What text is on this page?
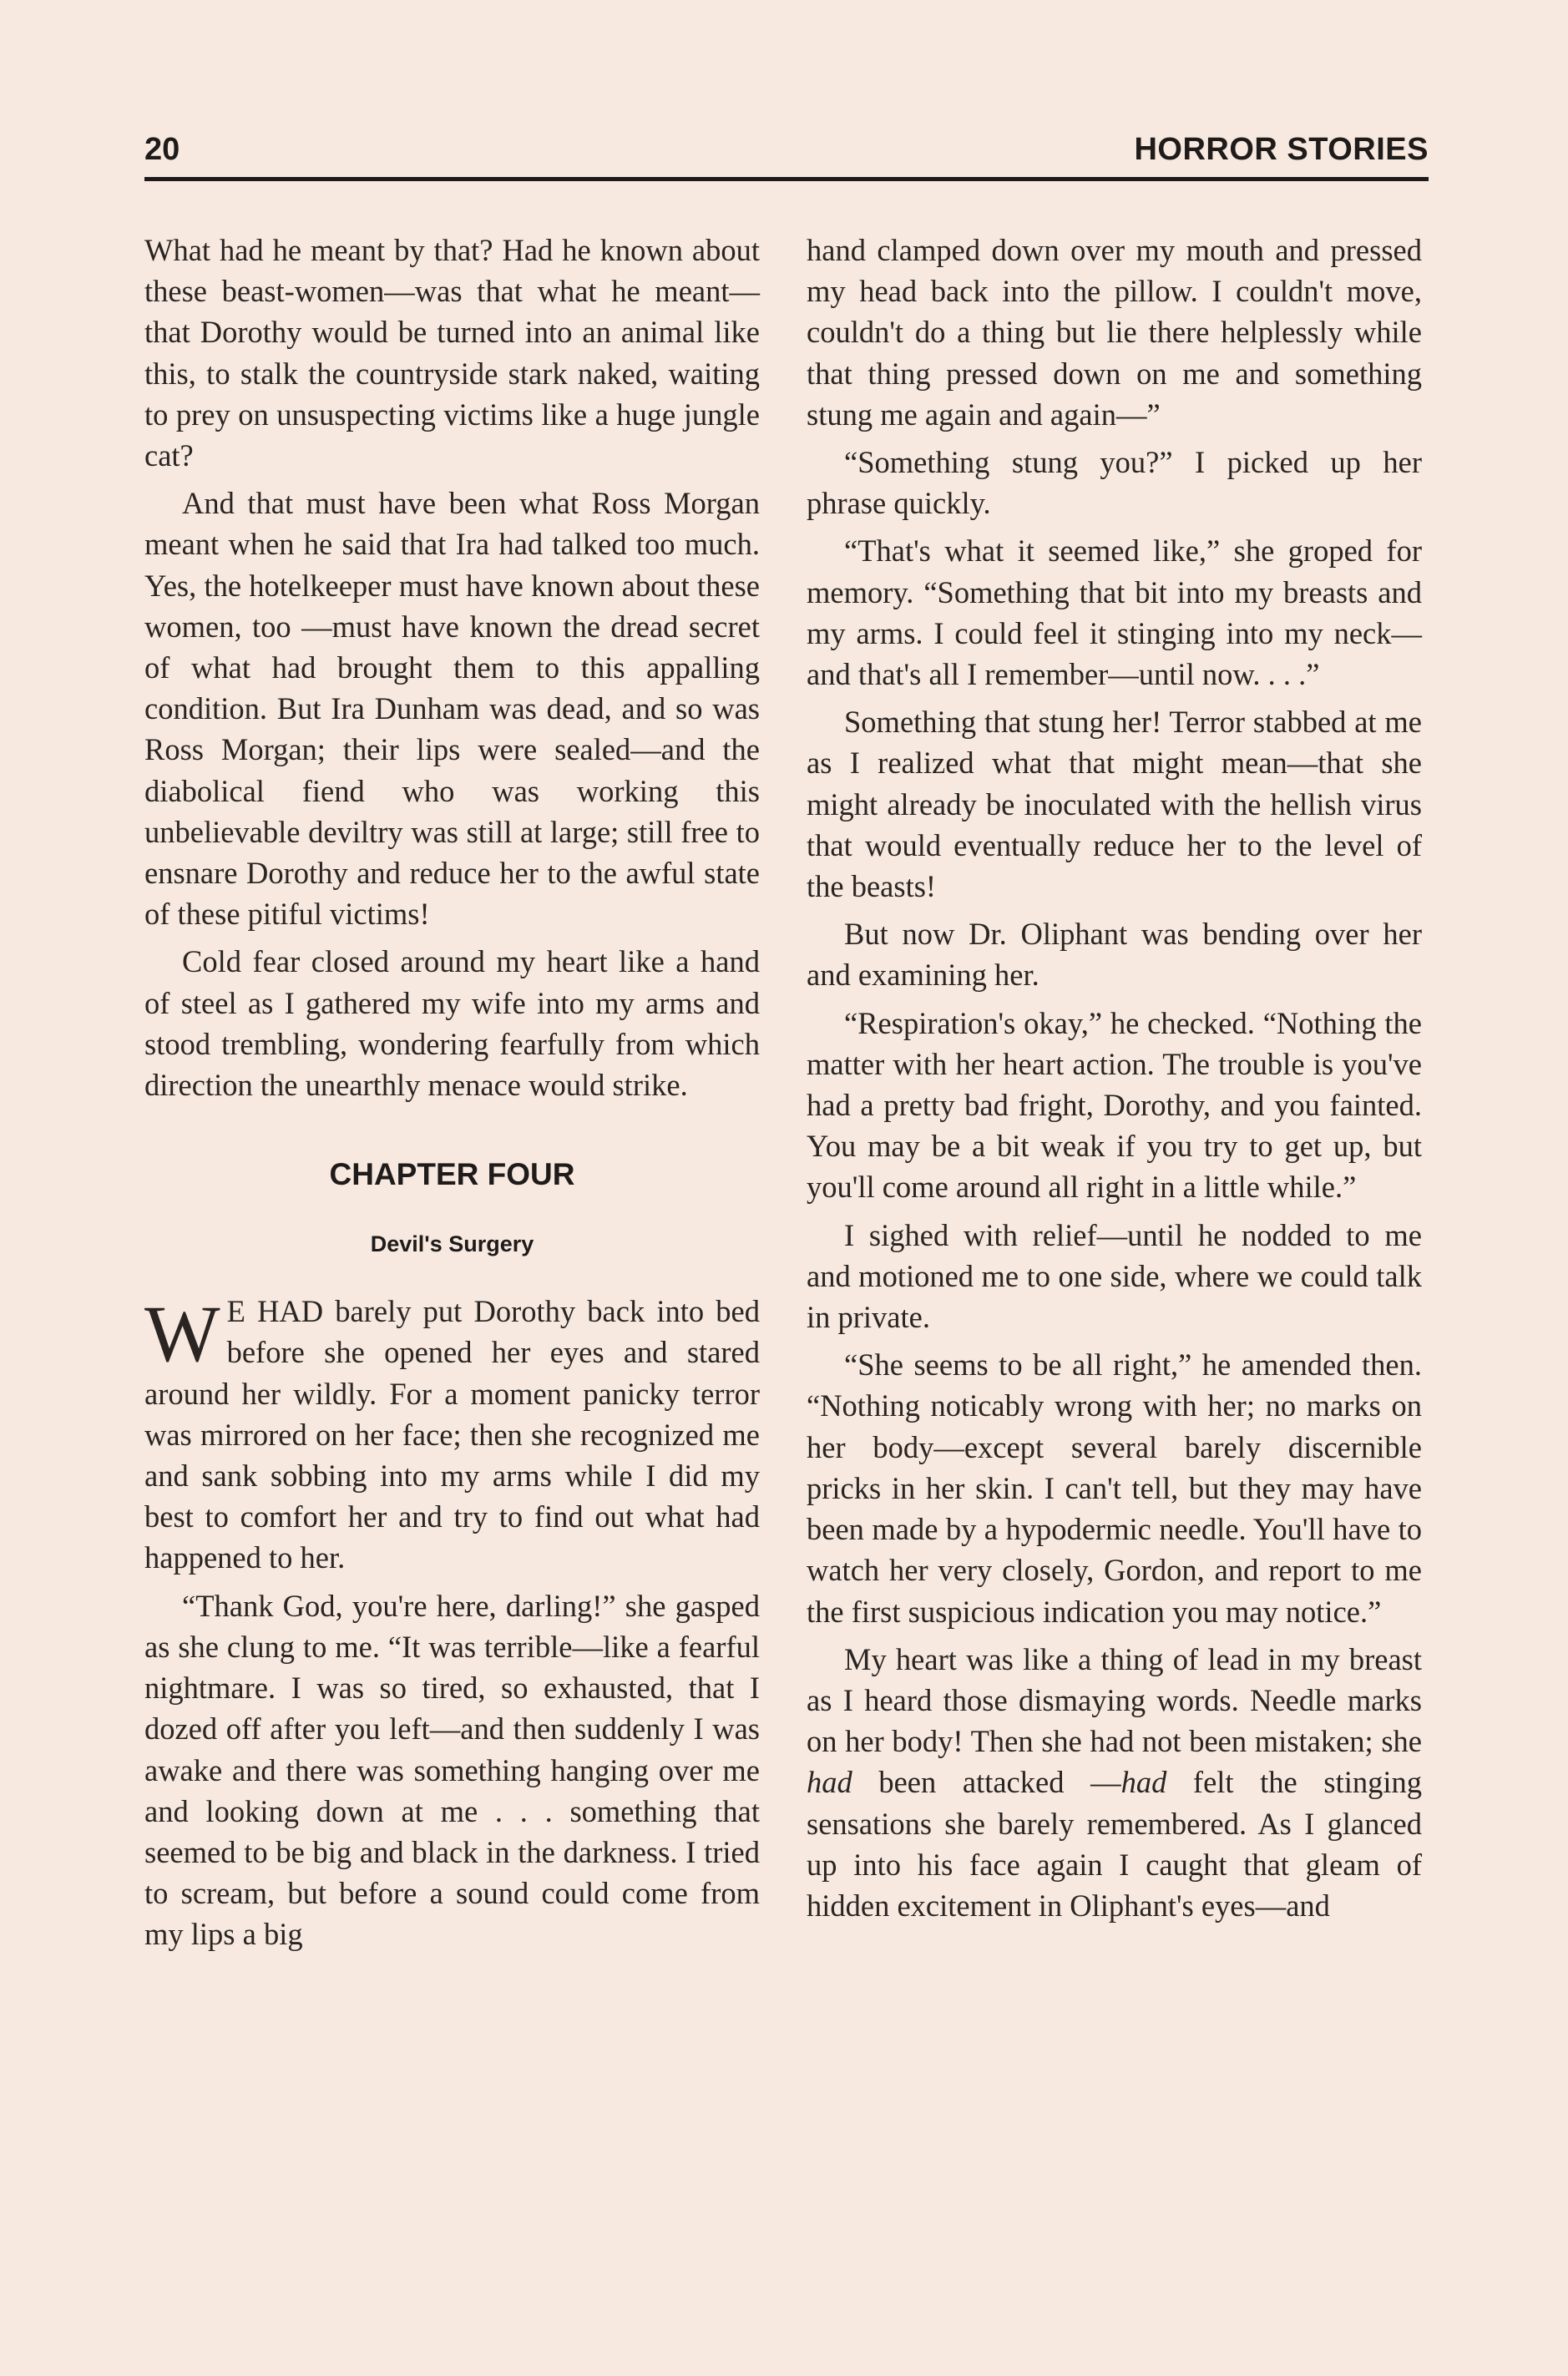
20	HORROR STORIES

What had he meant by that? Had he known about these beast-women—was that what he meant—that Dorothy would be turned into an animal like this, to stalk the countryside stark naked, waiting to prey on unsuspecting victims like a huge jungle cat?

And that must have been what Ross Morgan meant when he said that Ira had talked too much. Yes, the hotelkeeper must have known about these women, too —must have known the dread secret of what had brought them to this appalling condition. But Ira Dunham was dead, and so was Ross Morgan; their lips were sealed—and the diabolical fiend who was working this unbelievable deviltry was still at large; still free to ensnare Dorothy and reduce her to the awful state of these pitiful victims!

Cold fear closed around my heart like a hand of steel as I gathered my wife into my arms and stood trembling, wondering fearfully from which direction the unearthly menace would strike.

CHAPTER FOUR
Devil's Surgery

W E HAD barely put Dorothy back into bed before she opened her eyes and stared around her wildly. For a moment panicky terror was mirrored on her face; then she recognized me and sank sobbing into my arms while I did my best to comfort her and try to find out what had happened to her.

“Thank God, you're here, darling!” she gasped as she clung to me. “It was terrible—like a fearful nightmare. I was so tired, so exhausted, that I dozed off after you left—and then suddenly I was awake and there was something hanging over me and looking down at me . . . something that seemed to be big and black in the darkness. I tried to scream, but before a sound could come from my lips a big

hand clamped down over my mouth and pressed my head back into the pillow. I couldn't move, couldn't do a thing but lie there helplessly while that thing pressed down on me and something stung me again and again—”

“Something stung you?” I picked up her phrase quickly.

“That's what it seemed like,” she groped for memory. “Something that bit into my breasts and my arms. I could feel it stinging into my neck—and that's all I remember—until now. . . .”

Something that stung her! Terror stabbed at me as I realized what that might mean—that she might already be inoculated with the hellish virus that would eventually reduce her to the level of the beasts!

But now Dr. Oliphant was bending over her and examining her.

“Respiration's okay,” he checked. “Nothing the matter with her heart action. The trouble is you've had a pretty bad fright, Dorothy, and you fainted. You may be a bit weak if you try to get up, but you'll come around all right in a little while.”

I sighed with relief—until he nodded to me and motioned me to one side, where we could talk in private.

“She seems to be all right,” he amended then. “Nothing noticably wrong with her; no marks on her body—except several barely discernible pricks in her skin. I can't tell, but they may have been made by a hypodermic needle. You'll have to watch her very closely, Gordon, and report to me the first suspicious indication you may notice.”

My heart was like a thing of lead in my breast as I heard those dismaying words. Needle marks on her body! Then she had not been mistaken; she had been attacked —had felt the stinging sensations she barely remembered. As I glanced up into his face again I caught that gleam of hidden excitement in Oliphant's eyes—and
